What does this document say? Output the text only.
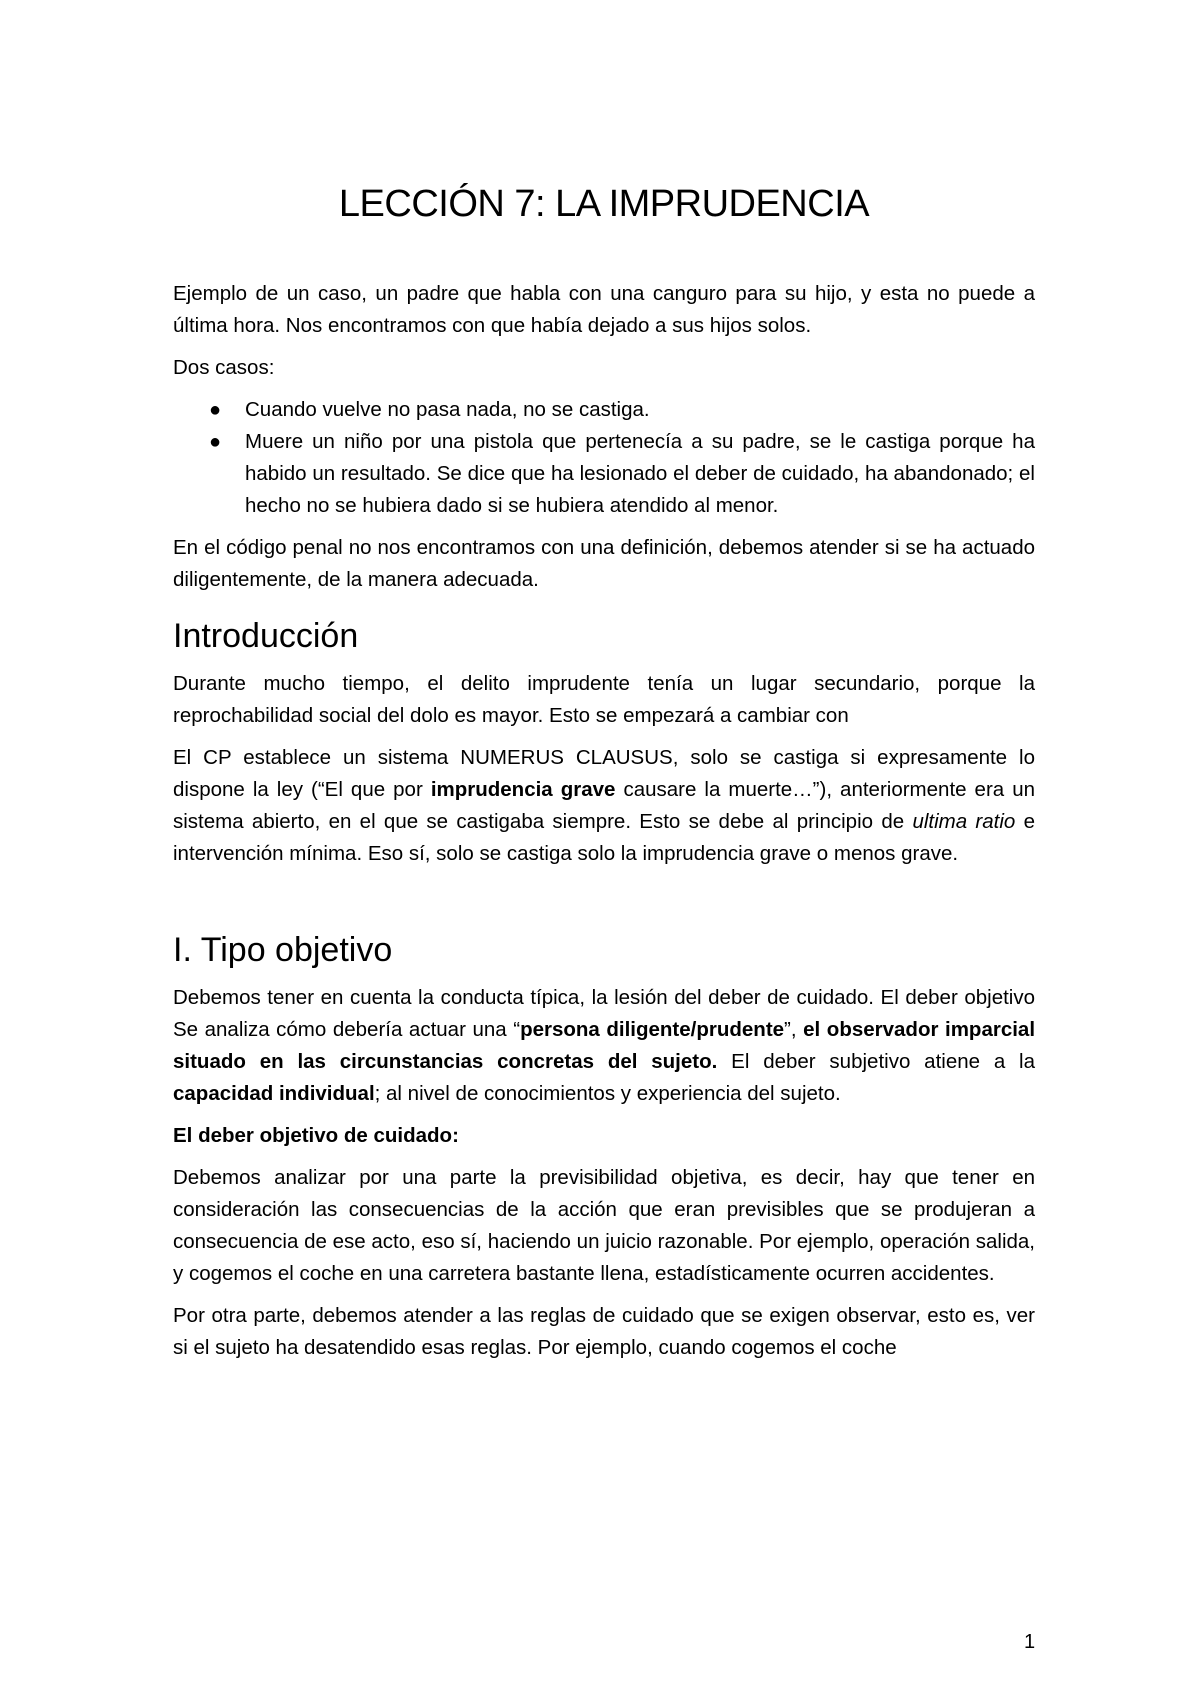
LECCIÓN 7: LA IMPRUDENCIA

Ejemplo de un caso, un padre que habla con una canguro para su hijo, y esta no puede a última hora. Nos encontramos con que había dejado a sus hijos solos.

Dos casos:

● Cuando vuelve no pasa nada, no se castiga.
● Muere un niño por una pistola que pertenecía a su padre, se le castiga porque ha habido un resultado. Se dice que ha lesionado el deber de cuidado, ha abandonado; el hecho no se hubiera dado si se hubiera atendido al menor.

En el código penal no nos encontramos con una definición, debemos atender si se ha actuado diligentemente, de la manera adecuada.

Introducción

Durante mucho tiempo, el delito imprudente tenía un lugar secundario, porque la reprochabilidad social del dolo es mayor. Esto se empezará a cambiar con

El CP establece un sistema NUMERUS CLAUSUS, solo se castiga si expresamente lo dispone la ley (“El que por imprudencia grave causare la muerte…”), anteriormente era un sistema abierto, en el que se castigaba siempre. Esto se debe al principio de ultima ratio e intervención mínima. Eso sí, solo se castiga solo la imprudencia grave o menos grave.

I. Tipo objetivo

Debemos tener en cuenta la conducta típica, la lesión del deber de cuidado. El deber objetivo Se analiza cómo debería actuar una “persona diligente/prudente”, el observador imparcial situado en las circunstancias concretas del sujeto. El deber subjetivo atiene a la capacidad individual; al nivel de conocimientos y experiencia del sujeto.

El deber objetivo de cuidado:

Debemos analizar por una parte la previsibilidad objetiva, es decir, hay que tener en consideración las consecuencias de la acción que eran previsibles que se produjeran a consecuencia de ese acto, eso sí, haciendo un juicio razonable. Por ejemplo, operación salida, y cogemos el coche en una carretera bastante llena, estadísticamente ocurren accidentes.

Por otra parte, debemos atender a las reglas de cuidado que se exigen observar, esto es, ver si el sujeto ha desatendido esas reglas. Por ejemplo, cuando cogemos el coche

1
